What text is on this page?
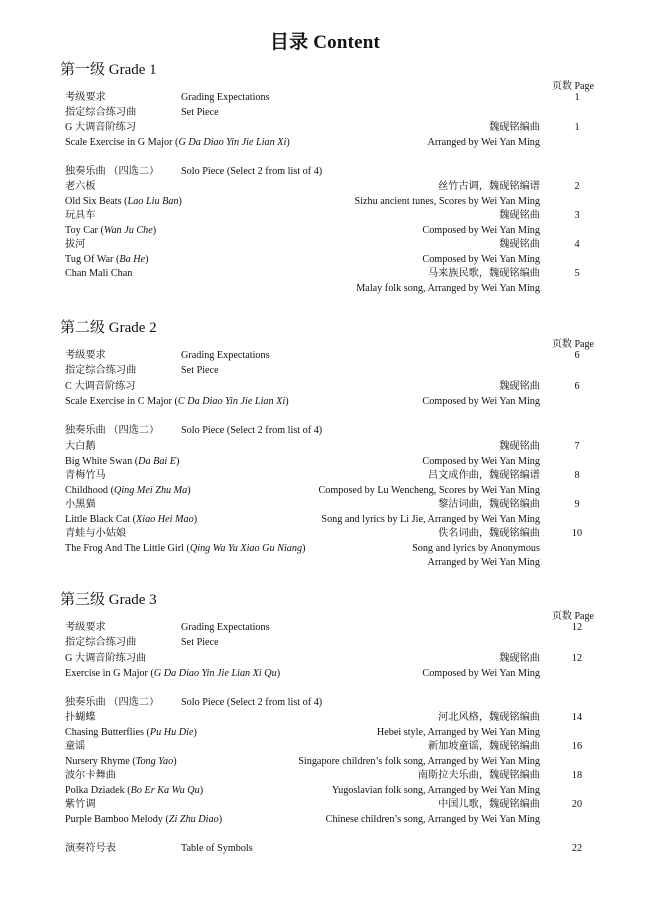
目录 Content
第一级 Grade 1
页数 Page
考级要求	Grading Expectations	1
指定综合练习曲	Set Piece
G 大调音阶练习	魏砚铭编曲	1
Scale Exercise in G Major (G Da Diao Yin Jie Lian Xi)	Arranged by Wei Yan Ming
独奏乐曲 （四选二） Solo Piece (Select 2 from list of 4)
老六板	丝竹古调，魏砚铭编谱	2
Old Six Beats (Lao Liu Ban)	Sizhu ancient tunes, Scores by Wei Yan Ming
玩具车	魏砚铭曲	3
Toy Car (Wan Ju Che)	Composed by Wei Yan Ming
拔河	魏砚铭曲	4
Tug Of War (Ba He)	Composed by Wei Yan Ming
Chan Mali Chan	马来族民歌，魏砚铭编曲	5
Malay folk song, Arranged by Wei Yan Ming
第二级 Grade 2
页数 Page
考级要求	Grading Expectations	6
指定综合练习曲	Set Piece
C 大调音阶练习	魏砚铭曲	6
Scale Exercise in C Major (C Da Diao Yin Jie Lian Xi)	Composed by Wei Yan Ming
独奏乐曲 （四选二） Solo Piece (Select 2 from list of 4)
大白鹅	魏砚铭曲	7
Big White Swan (Da Bai E)	Composed by Wei Yan Ming
青梅竹马	吕文成作曲，魏砚铭编谱	8
Childhood (Qing Mei Zhu Ma)	Composed by Lu Wencheng, Scores by Wei Yan Ming
小黑猫	黎洁词曲，魏砚铭编曲	9
Little Black Cat (Xiao Hei Mao)	Song and lyrics by Li Jie, Arranged by Wei Yan Ming
青蛙与小姑娘	佚名词曲，魏砚铭编曲	10
The Frog And The Little Girl (Qing Wa Yu Xiao Gu Niang)	Song and lyrics by Anonymous
Arranged by Wei Yan Ming
第三级 Grade 3
页数 Page
考级要求	Grading Expectations	12
指定综合练习曲	Set Piece
G 大调音阶练习曲	魏砚铭曲	12
Exercise in G Major (G Da Diao Yin Jie Lian Xi Qu)	Composed by Wei Yan Ming
独奏乐曲 （四选二） Solo Piece (Select 2 from list of 4)
扑蝴蝶	河北风格，魏砚铭编曲	14
Chasing Butterflies (Pu Hu Die)	Hebei style, Arranged by Wei Yan Ming
童谣	新加坡童谣，魏砚铭编曲	16
Nursery Rhyme (Tong Yao)	Singapore children’s folk song, Arranged by Wei Yan Ming
波尔卡舞曲	南斯拉夫乐曲，魏砚铭编曲	18
Polka Dziadek (Bo Er Ka Wu Qu)	Yugoslavian folk song, Arranged by Wei Yan Ming
紫竹调	中国儿歌，魏砚铭编曲	20
Purple Bamboo Melody (Zi Zhu Diao)	Chinese children’s song, Arranged by Wei Yan Ming
演奏符号表	Table of Symbols	22
